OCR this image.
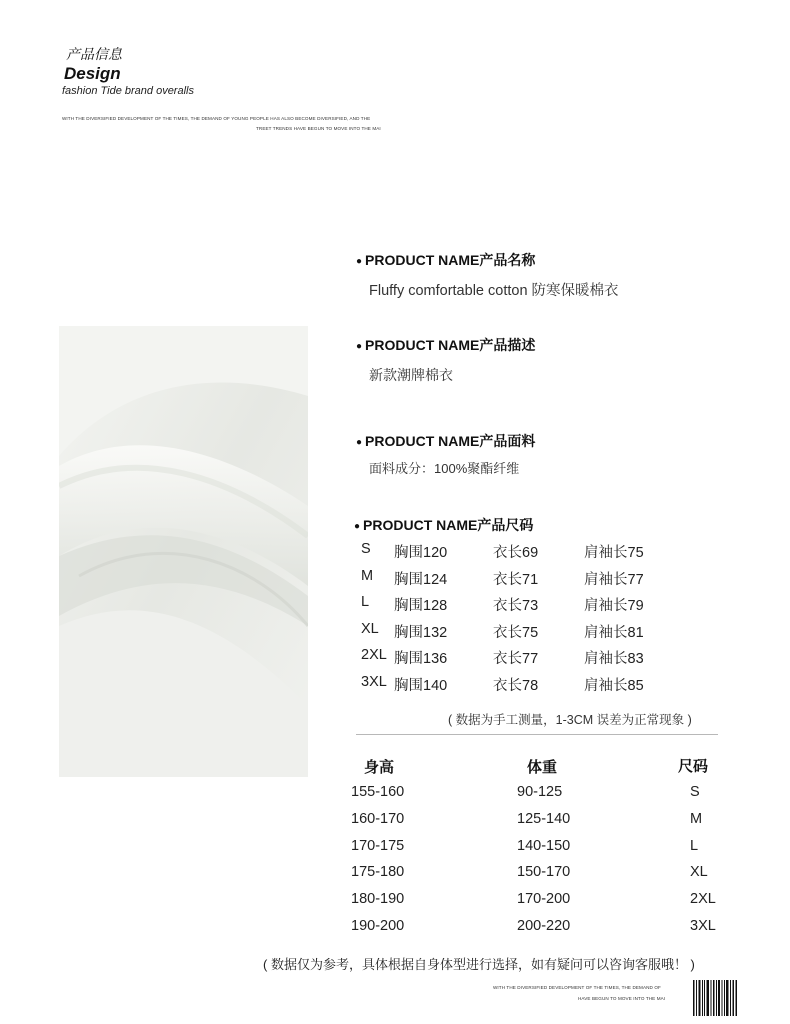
产品信息
Design
fashion Tide brand overalls
WITH THE DIVERSIFIED DEVELOPMENT OF THE TIMES, THE DEMAND OF YOUNG PEOPLE HAS ALSO BECOME DIVERSIFIED, AND THE
TREET TRENDS HAVE BEGUN TO MOVE INTO THE MAI
● PRODUCT NAME产品名称
Fluffy comfortable cotton 防寒保暖棉衣
● PRODUCT NAME产品描述
新款潮牌棉衣
● PRODUCT NAME产品面料
面料成分：100%聚酯纤维
● PRODUCT NAME产品尺码
S 胸围120	衣长69	肩袖长75
M 胸围124	衣长71	肩袖长77
L 胸围128	衣长73	肩袖长79
XL 胸围132	衣长75	肩袖长81
2XL 胸围136	衣长77	肩袖长83
3XL 胸围140	衣长78	肩袖长85
( 数据为手工测量，1-3CM 误差为正常现象 )
身高	体重	尺码
155-160	90-125	S
160-170	125-140	M
170-175	140-150	L
175-180	150-170	XL
180-190	170-200	2XL
190-200	200-220	3XL
( 数据仅为参考，具体根据自身体型进行选择，如有疑问可以咨询客服哦！ )
WITH THE DIVERSIFIED DEVELOPMENT OF THE TIMES, THE DEMAND OF
HAVE BEGUN TO MOVE INTO THE MAI
